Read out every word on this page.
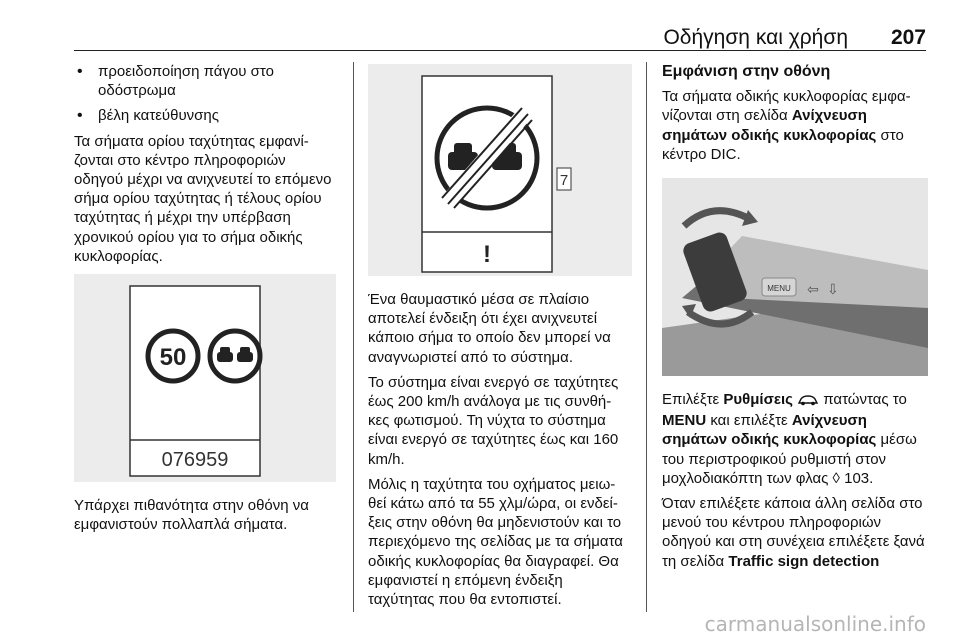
Οδήγηση και χρήση 207
• προειδοποίηση πάγου στο οδόστρωμα
• βέλη κατεύθυνσης

Τα σήματα ορίου ταχύτητας εμφανί- ζονται στο κέντρο πληροφοριών οδηγού μέχρι να ανιχνευτεί το επόμενο σήμα ορίου ταχύτητας ή τέλους ορίου ταχύτητας ή μέχρι την υπέρβαση χρονικού ορίου για το σήμα οδικής κυκλοφορίας.

50
076959

Υπάρχει πιθανότητα στην οθόνη να εμφανιστούν πολλαπλά σήματα.

7
!

Ένα θαυμαστικό μέσα σε πλαίσιο αποτελεί ένδειξη ότι έχει ανιχνευτεί κάποιο σήμα το οποίο δεν μπορεί να αναγνωριστεί από το σύστημα.

Το σύστημα είναι ενεργό σε ταχύτητες έως 200 km/h ανάλογα με τις συνθή- κες φωτισμού. Τη νύχτα το σύστημα είναι ενεργό σε ταχύτητες έως και 160 km/h.

Μόλις η ταχύτητα του οχήματος μειω- θεί κάτω από τα 55 χλμ/ώρα, οι ενδεί- ξεις στην οθόνη θα μηδενιστούν και το περιεχόμενο της σελίδας με τα σήματα οδικής κυκλοφορίας θα διαγραφεί. Θα εμφανιστεί η επόμενη ένδειξη ταχύτητας που θα εντοπιστεί.

Εμφάνιση στην οθόνη

Τα σήματα οδικής κυκλοφορίας εμφα- νίζονται στη σελίδα Ανίχνευση σημάτων οδικής κυκλοφορίας στο κέντρο DIC.

MENU ⇦ ⇩

Επιλέξτε Ρυθμίσεις  πατώντας το MENU και επιλέξτε Ανίχνευση σημάτων οδικής κυκλοφορίας μέσω του περιστροφικού ρυθμιστή στον μοχλοδιακόπτη των φλας ◊ 103.

Όταν επιλέξετε κάποια άλλη σελίδα στο μενού του κέντρου πληροφοριών οδηγού και στη συνέχεια επιλέξετε ξανά τη σελίδα Traffic sign detection

carmanualsonline.info
